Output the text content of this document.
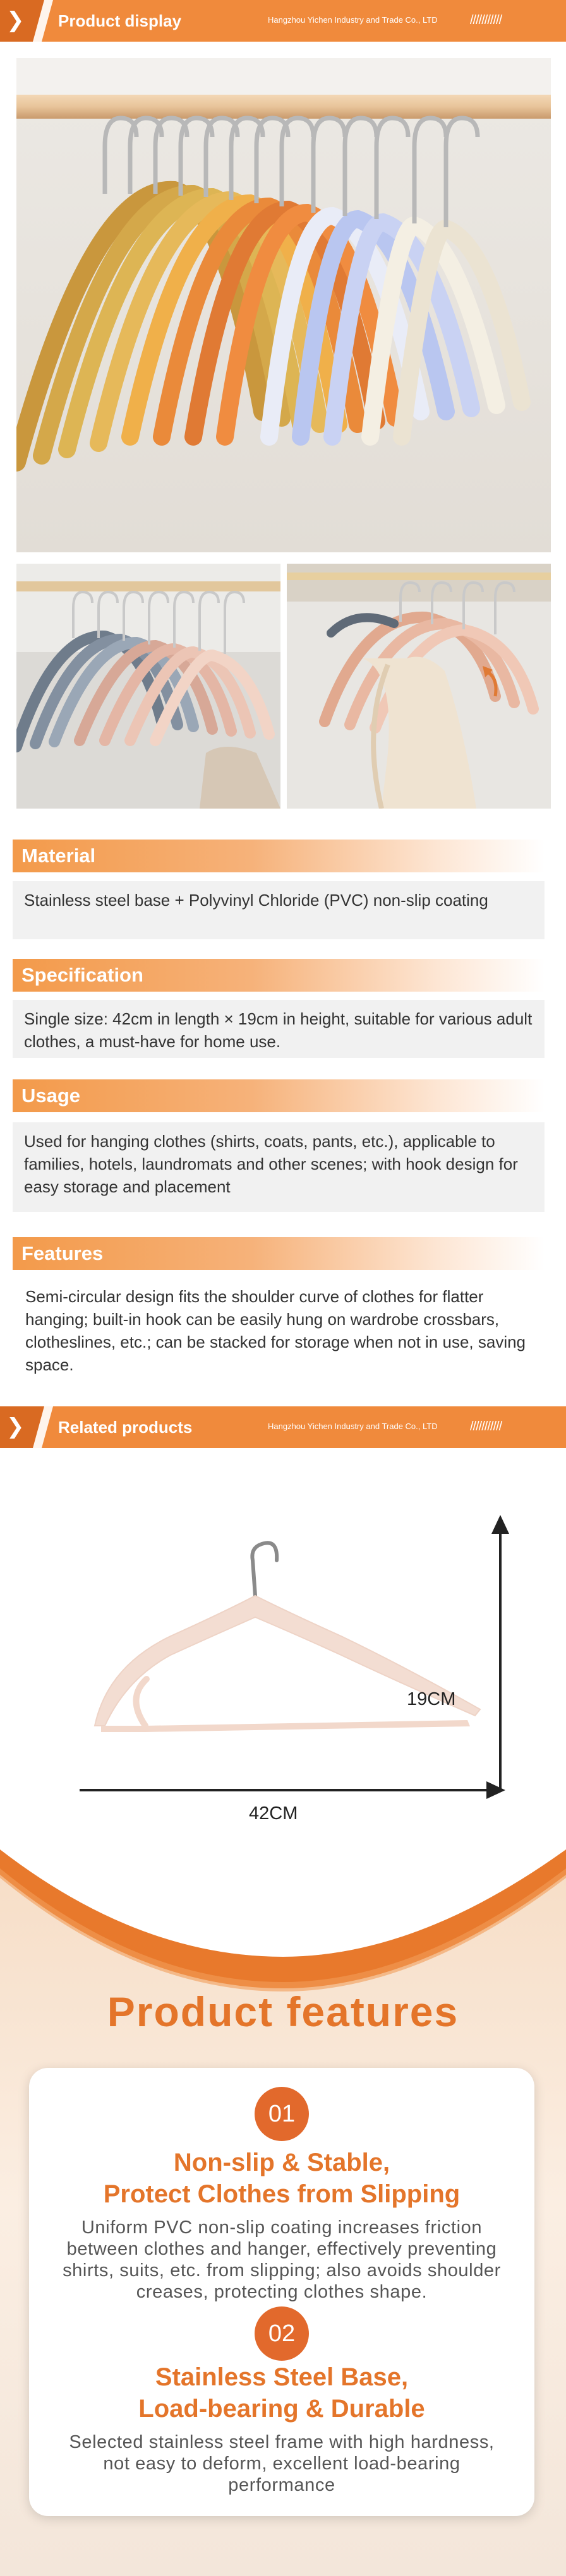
❯ Product display	Hangzhou Yichen Industry and Trade Co., LTD	///////////
Material
Stainless steel base + Polyvinyl Chloride (PVC) non-slip coating
Specification
Single size: 42cm in length × 19cm in height, suitable for various adult clothes, a must-have for home use.
Usage
Used for hanging clothes (shirts, coats, pants, etc.), applicable to families, hotels, laundromats and other scenes; with hook design for easy storage and placement
Features
Semi-circular design fits the shoulder curve of clothes for flatter hanging; built-in hook can be easily hung on wardrobe crossbars, clotheslines, etc.; can be stacked for storage when not in use, saving space.
❯ Related products	Hangzhou Yichen Industry and Trade Co., LTD	///////////
19CM
42CM
Product features
01
Non-slip & Stable,
Protect Clothes from Slipping
Uniform PVC non-slip coating increases friction
between clothes and hanger, effectively preventing
shirts, suits, etc. from slipping; also avoids shoulder
creases, protecting clothes shape.
02
Stainless Steel Base,
Load-bearing & Durable
Selected stainless steel frame with high hardness,
not easy to deform, excellent load-bearing
performance
